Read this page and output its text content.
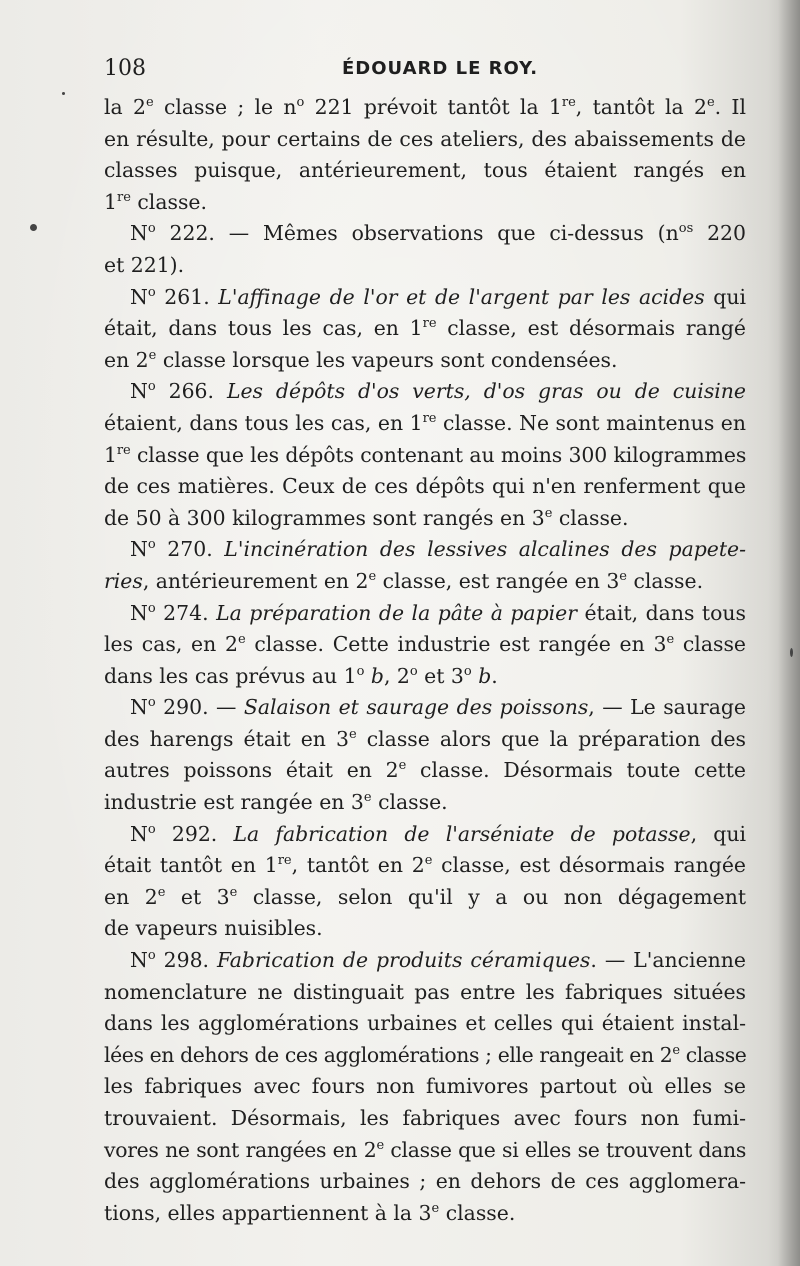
108	ÉDOUARD LE ROY.
la 2e classe ; le $n^o$ 221 prévoit tantôt la 1re, tantôt la 2e. Il
en résulte, pour certains de ces ateliers, des abaissements de
classes puisque, antérieurement, tous étaient rangés en
1re classe.
$N^o$ 222. — Mêmes observations que ci-dessus ($n^{os}$ 220
et 221).
$N^o$ 261. L'affinage de l'or et de l'argent par les acides qui
était, dans tous les cas, en 1re classe, est désormais rangé
en 2e classe lorsque les vapeurs sont condensées.
$N^o$ 266. Les dépôts d'os verts, d'os gras ou de cuisine
étaient, dans tous les cas, en 1re classe. Ne sont maintenus en
1re classe que les dépôts contenant au moins 300 kilogrammes
de ces matières. Ceux de ces dépôts qui n'en renferment que
de 50 à 300 kilogrammes sont rangés en 3e classe.
$N^o$ 270. L'incinération des lessives alcalines des papete-
ries, antérieurement en 2e classe, est rangée en 3e classe.
$N^o$ 274. La préparation de la pâte à papier était, dans tous
les cas, en 2e classe. Cette industrie est rangée en 3e classe
dans les cas prévus au 1$^o$ b, 2$^o$ et 3$^o$ b.
$N^o$ 290. — Salaison et saurage des poissons, — Le saurage
des harengs était en 3e classe alors que la préparation des
autres poissons était en 2e classe. Désormais toute cette
industrie est rangée en 3e classe.
$N^o$ 292. La fabrication de l'arséniate de potasse, qui
était tantôt en 1re, tantôt en 2e classe, est désormais rangée
en 2e et 3e classe, selon qu'il y a ou non dégagement
de vapeurs nuisibles.
$N^o$ 298. Fabrication de produits céramiques. — L'ancienne
nomenclature ne distinguait pas entre les fabriques situées
dans les agglomérations urbaines et celles qui étaient instal-
lées en dehors de ces agglomérations ; elle rangeait en 2e classe
les fabriques avec fours non fumivores partout où elles se
trouvaient. Désormais, les fabriques avec fours non fumi-
vores ne sont rangées en 2e classe que si elles se trouvent dans
des agglomérations urbaines ; en dehors de ces agglomera-
tions, elles appartiennent à la 3e classe.
